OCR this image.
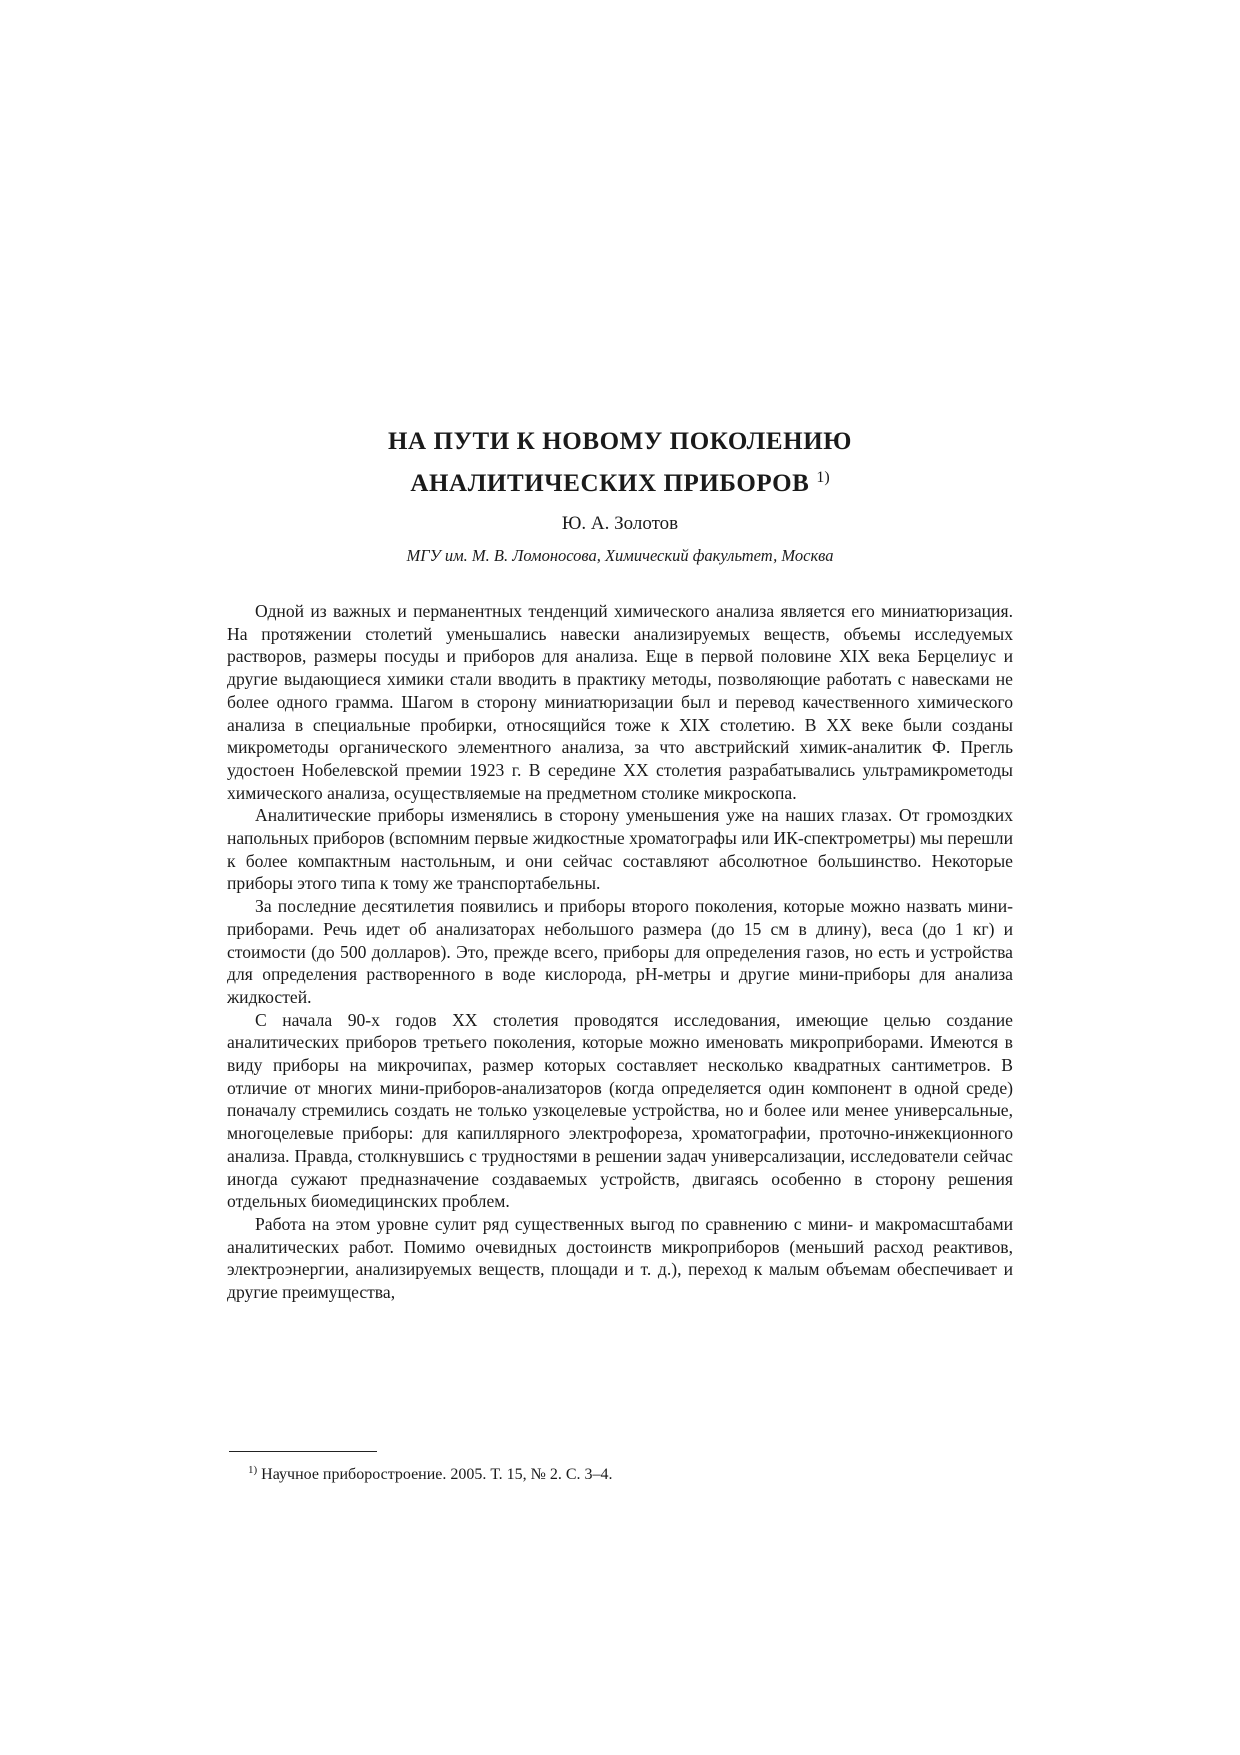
НА ПУТИ К НОВОМУ ПОКОЛЕНИЮ
АНАЛИТИЧЕСКИХ ПРИБОРОВ $^{1)}$

Ю. А. Золотов

МГУ им. М. В. Ломоносова, Химический факультет, Москва

Одной из важных и перманентных тенденций химического анализа является его миниатюризация. На протяжении столетий уменьшались навески анализируемых веществ, объемы исследуемых растворов, размеры посуды и приборов для анализа. Еще в первой половине XIX века Берцелиус и другие выдающиеся химики стали вводить в практику методы, позволяющие работать с навесками не более одного грамма. Шагом в сторону миниатюризации был и перевод качественного химического анализа в специальные пробирки, относящийся тоже к XIX столетию. В XX веке были созданы микрометоды органического элементного анализа, за что австрийский химик-аналитик Ф. Прегль удостоен Нобелевской премии 1923 г. В середине XX столетия разрабатывались ультрамикрометоды химического анализа, осуществляемые на предметном столике микроскопа.

Аналитические приборы изменялись в сторону уменьшения уже на наших глазах. От громоздких напольных приборов (вспомним первые жидкостные хроматографы или ИК-спектрометры) мы перешли к более компактным настольным, и они сейчас составляют абсолютное большинство. Некоторые приборы этого типа к тому же транспортабельны.

За последние десятилетия появились и приборы второго поколения, которые можно назвать мини-приборами. Речь идет об анализаторах небольшого размера (до 15 см в длину), веса (до 1 кг) и стоимости (до 500 долларов). Это, прежде всего, приборы для определения газов, но есть и устройства для определения растворенного в воде кислорода, pH-метры и другие мини-приборы для анализа жидкостей.

С начала 90-х годов XX столетия проводятся исследования, имеющие целью создание аналитических приборов третьего поколения, которые можно именовать микроприборами. Имеются в виду приборы на микрочипах, размер которых составляет несколько квадратных сантиметров. В отличие от многих мини-приборов-анализаторов (когда определяется один компонент в одной среде) поначалу стремились создать не только узкоцелевые устройства, но и более или менее универсальные, многоцелевые приборы: для капиллярного электрофореза, хроматографии, проточно-инжекционного анализа. Правда, столкнувшись с трудностями в решении задач универсализации, исследователи сейчас иногда сужают предназначение создаваемых устройств, двигаясь особенно в сторону решения отдельных биомедицинских проблем.

Работа на этом уровне сулит ряд существенных выгод по сравнению с мини- и макромасштабами аналитических работ. Помимо очевидных достоинств микроприборов (меньший расход реактивов, электроэнергии, анализируемых веществ, площади и т. д.), переход к малым объемам обеспечивает и другие преимущества,

$^{1)}$ Научное приборостроение. 2005. Т. 15, № 2. С. 3–4.
